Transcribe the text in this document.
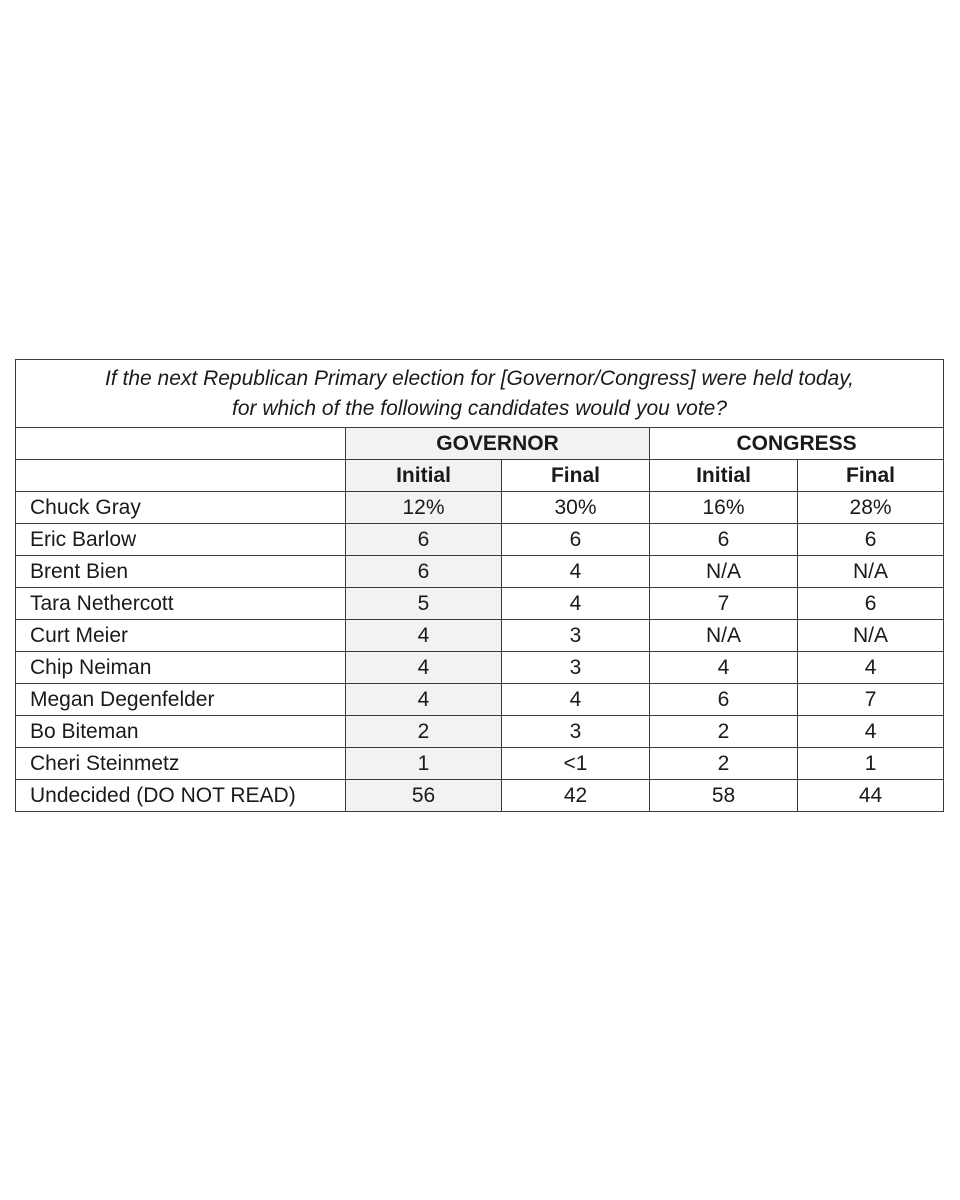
If the next Republican Primary election for [Governor/Congress] were held today,
for which of the following candidates would you vote?				

	GOVERNOR		CONGRESS	
	Initial	Final	Initial	Final
Chuck Gray	12%	30%	16%	28%
Eric Barlow	6	6	6	6
Brent Bien	6	4	N/A	N/A
Tara Nethercott	5	4	7	6
Curt Meier	4	3	N/A	N/A
Chip Neiman	4	3	4	4
Megan Degenfelder	4	4	6	7
Bo Biteman	2	3	2	4
Cheri Steinmetz	1	<1	2	1
Undecided (DO NOT READ)	56	42	58	44
